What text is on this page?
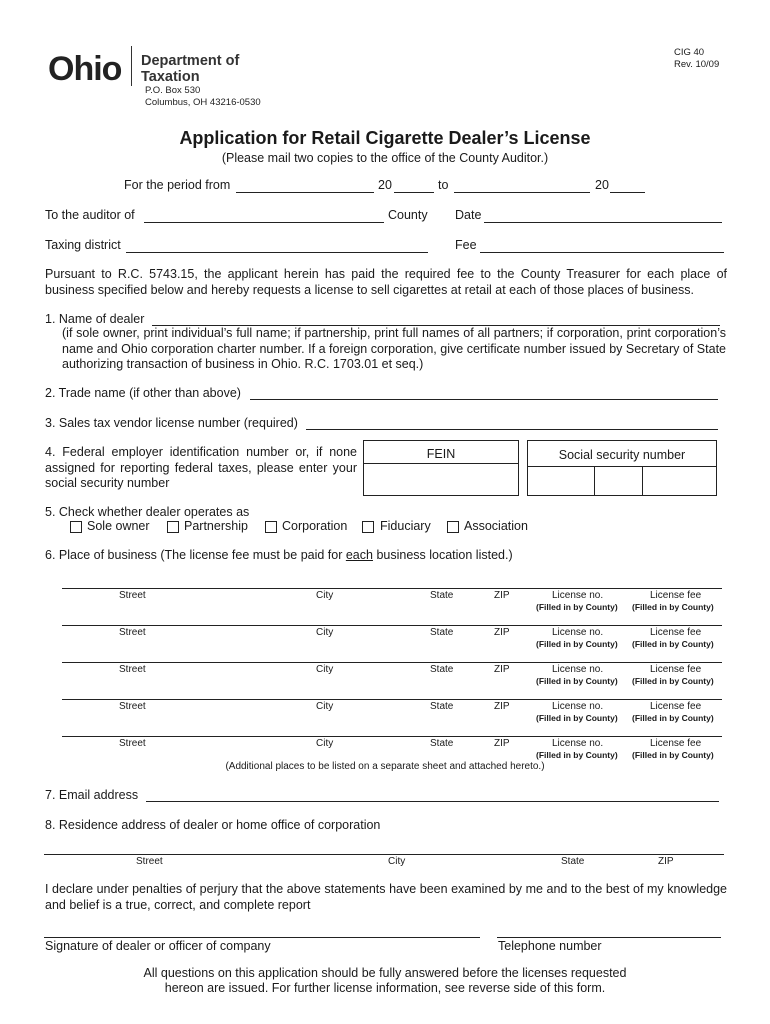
Ohio Department of
Taxation
P.O. Box 530
Columbus, OH 43216-0530
CIG 40
Rev. 10/09
Application for Retail Cigarette Dealer’s License
(Please mail two copies to the office of the County Auditor.)
For the period from	20	to	20
To the auditor of	County Date
Taxing district	Fee
Pursuant to R.C. 5743.15, the applicant herein has paid the required fee to the County Treasurer for each place of business specified below and hereby requests a license to sell cigarettes at retail at each of those places of business.
1. Name of dealer
(if sole owner, print individual’s full name; if partnership, print full names of all partners; if corporation, print corporation’s name and Ohio corporation charter number. If a foreign corporation, give certificate number issued by Secretary of State authorizing transaction of business in Ohio. R.C. 1703.01 et seq.)
2. Trade name (if other than above)
3. Sales tax vendor license number (required)
4. Federal employer identification number or, if none assigned for reporting federal taxes, please enter your social security number
FEIN	Social security number
5. Check whether dealer operates as
Sole owner	Partnership	Corporation	Fiduciary	Association
6. Place of business (The license fee must be paid for each business location listed.)
Street	City	State	ZIP	License no.	License fee
(Filled in by County) (Filled in by County)
Street	City	State	ZIP	License no.	License fee
(Filled in by County) (Filled in by County)
Street	City	State	ZIP	License no.	License fee
(Filled in by County) (Filled in by County)
Street	City	State	ZIP	License no.	License fee
(Filled in by County) (Filled in by County)
Street	City	State	ZIP	License no.	License fee
(Filled in by County) (Filled in by County)
(Additional places to be listed on a separate sheet and attached hereto.)
7. Email address
8. Residence address of dealer or home office of corporation
Street	City	State	ZIP
I declare under penalties of perjury that the above statements have been examined by me and to the best of my knowledge and belief is a true, correct, and complete report
Signature of dealer or officer of company	Telephone number
All questions on this application should be fully answered before the licenses requested
hereon are issued. For further license information, see reverse side of this form.
